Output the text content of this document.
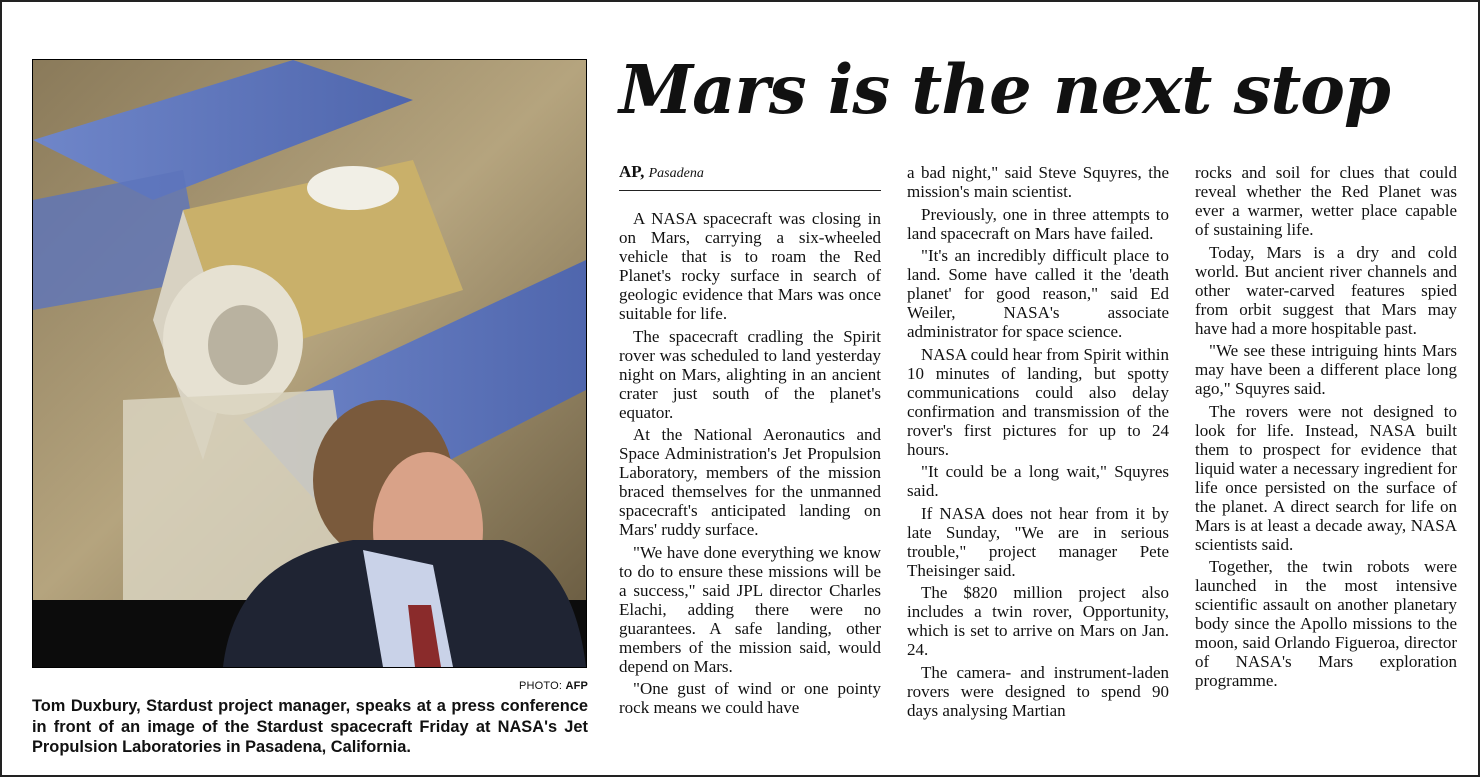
PHOTO: AFP
Tom Duxbury, Stardust project manager, speaks at a press conference in front of an image of the Stardust spacecraft Friday at NASA's Jet Propulsion Laboratories in Pasadena, California.
Mars is the next stop
AP, Pasadena

A NASA spacecraft was closing in on Mars, carrying a six-wheeled vehicle that is to roam the Red Planet's rocky surface in search of geologic evidence that Mars was once suitable for life.

The spacecraft cradling the Spirit rover was scheduled to land yesterday night on Mars, alighting in an ancient crater just south of the planet's equator.

At the National Aeronautics and Space Administration's Jet Propulsion Laboratory, members of the mission braced themselves for the unmanned spacecraft's anticipated landing on Mars' ruddy surface.

"We have done everything we know to do to ensure these missions will be a success," said JPL director Charles Elachi, adding there were no guarantees. A safe landing, other members of the mission said, would depend on Mars.

"One gust of wind or one pointy rock means we could have

a bad night," said Steve Squyres, the mission's main scientist.

Previously, one in three attempts to land spacecraft on Mars have failed.

"It's an incredibly difficult place to land. Some have called it the 'death planet' for good reason," said Ed Weiler, NASA's associate administrator for space science.

NASA could hear from Spirit within 10 minutes of landing, but spotty communications could also delay confirmation and transmission of the rover's first pictures for up to 24 hours.

"It could be a long wait," Squyres said.

If NASA does not hear from it by late Sunday, "We are in serious trouble," project manager Pete Theisinger said.

The $820 million project also includes a twin rover, Opportunity, which is set to arrive on Mars on Jan. 24.

The camera- and instrument-laden rovers were designed to spend 90 days analysing Martian

rocks and soil for clues that could reveal whether the Red Planet was ever a warmer, wetter place capable of sustaining life.

Today, Mars is a dry and cold world. But ancient river channels and other water-carved features spied from orbit suggest that Mars may have had a more hospitable past.

"We see these intriguing hints Mars may have been a different place long ago," Squyres said.

The rovers were not designed to look for life. Instead, NASA built them to prospect for evidence that liquid water a necessary ingredient for life once persisted on the surface of the planet. A direct search for life on Mars is at least a decade away, NASA scientists said.

Together, the twin robots were launched in the most intensive scientific assault on another planetary body since the Apollo missions to the moon, said Orlando Figueroa, director of NASA's Mars exploration programme.
